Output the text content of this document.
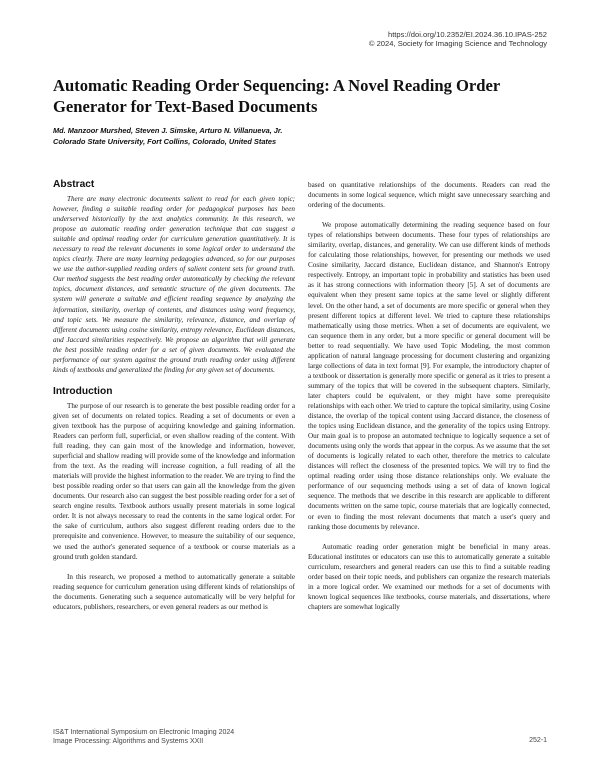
https://doi.org/10.2352/EI.2024.36.10.IPAS-252
© 2024, Society for Imaging Science and Technology
Automatic Reading Order Sequencing: A Novel Reading Order Generator for Text-Based Documents
Md. Manzoor Murshed, Steven J. Simske, Arturo N. Villanueva, Jr.
Colorado State University, Fort Collins, Colorado, United States
Abstract

There are many electronic documents salient to read for each given topic; however, finding a suitable reading order for pedagogical purposes has been underserved historically by the text analytics community. In this research, we propose an automatic reading order generation technique that can suggest a suitable and optimal reading order for curriculum generation quantitatively. It is necessary to read the relevant documents in some logical order to understand the topics clearly. There are many learning pedagogies advanced, so for our purposes we use the author-supplied reading orders of salient content sets for ground truth. Our method suggests the best reading order automatically by checking the relevant topics, document distances, and semantic structure of the given documents. The system will generate a suitable and efficient reading sequence by analyzing the information, similarity, overlap of contents, and distances using word frequency, and topic sets. We measure the similarity, relevance, distance, and overlap of different documents using cosine similarity, entropy relevance, Euclidean distances, and Jaccard similarities respectively. We propose an algorithm that will generate the best possible reading order for a set of given documents. We evaluated the performance of our system against the ground truth reading order using different kinds of textbooks and generalized the finding for any given set of documents.

Introduction

The purpose of our research is to generate the best possible reading order for a given set of documents on related topics. Reading a set of documents or even a given textbook has the purpose of acquiring knowledge and gaining information. Readers can perform full, superficial, or even shallow reading of the content. With full reading, they can gain most of the knowledge and information, however, superficial and shallow reading will provide some of the knowledge and information from the text. As the reading will increase cognition, a full reading of all the materials will provide the highest information to the reader. We are trying to find the best possible reading order so that users can gain all the knowledge from the given documents. Our research also can suggest the best possible reading order for a set of search engine results. Textbook authors usually present materials in some logical order. It is not always necessary to read the contents in the same logical order. For the sake of curriculum, authors also suggest different reading orders due to the prerequisite and convenience. However, to measure the suitability of our sequence, we used the author's generated sequence of a textbook or course materials as a ground truth golden standard.

In this research, we proposed a method to automatically generate a suitable reading sequence for curriculum generation using different kinds of relationships of the documents. Generating such a sequence automatically will be very helpful for educators, publishers, researchers, or even general readers as our method is

based on quantitative relationships of the documents. Readers can read the documents in some logical sequence, which might save unnecessary searching and ordering of the documents.

We propose automatically determining the reading sequence based on four types of relationships between documents. These four types of relationships are similarity, overlap, distances, and generality. We can use different kinds of methods for calculating those relationships, however, for presenting our methods we used Cosine similarity, Jaccard distance, Euclidean distance, and Shannon's Entropy respectively. Entropy, an important topic in probability and statistics has been used as it has strong connections with information theory [5]. A set of documents are equivalent when they present same topics at the same level or slightly different level. On the other hand, a set of documents are more specific or general when they present different topics at different level. We tried to capture these relationships mathematically using those metrics. When a set of documents are equivalent, we can sequence them in any order, but a more specific or general document will be better to read sequentially. We have used Topic Modeling, the most common application of natural language processing for document clustering and organizing large collections of data in text format [9]. For example, the introductory chapter of a textbook or dissertation is generally more specific or general as it tries to present a summary of the topics that will be covered in the subsequent chapters. Similarly, later chapters could be equivalent, or they might have some prerequisite relationships with each other. We tried to capture the topical similarity, using Cosine distance, the overlap of the topical content using Jaccard distance, the closeness of the topics using Euclidean distance, and the generality of the topics using Entropy. Our main goal is to propose an automated technique to logically sequence a set of documents using only the words that appear in the corpus. As we assume that the set of documents is logically related to each other, therefore the metrics to calculate distances will reflect the closeness of the presented topics. We will try to find the optimal reading order using those distance relationships only. We evaluate the performance of our sequencing methods using a set of data of known logical sequence. The methods that we describe in this research are applicable to different documents written on the same topic, course materials that are logically connected, or even to finding the most relevant documents that match a user's query and ranking those documents by relevance.

Automatic reading order generation might be beneficial in many areas. Educational institutes or educators can use this to automatically generate a suitable curriculum, researchers and general readers can use this to find a suitable reading order based on their topic needs, and publishers can organize the research materials in a more logical order. We examined our methods for a set of documents with known logical sequences like textbooks, course materials, and dissertations, where chapters are somewhat logically

IS&T International Symposium on Electronic Imaging 2024
Image Processing: Algorithms and Systems XXII	252-1
